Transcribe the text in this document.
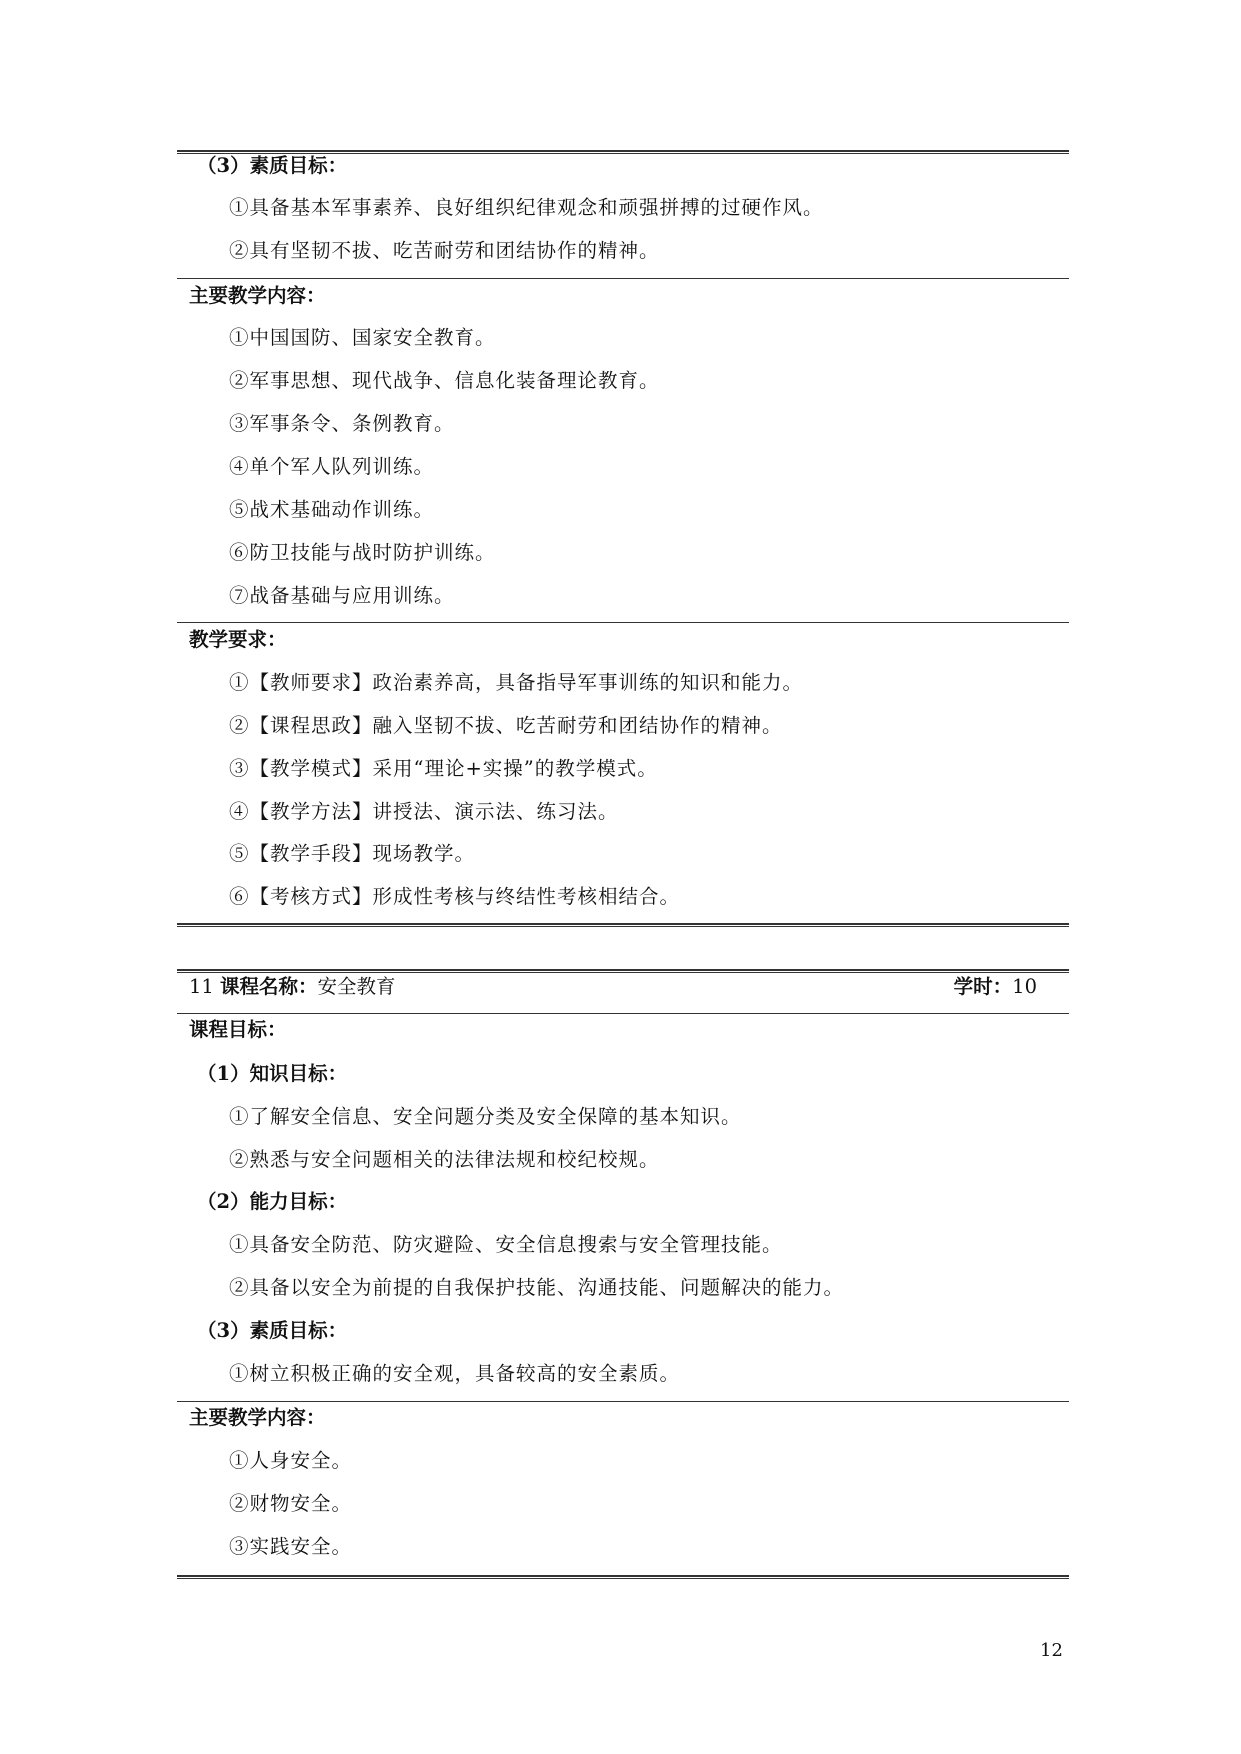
（3）素质目标：
①具备基本军事素养、良好组织纪律观念和顽强拼搏的过硬作风。
②具有坚韧不拔、吃苦耐劳和团结协作的精神。
主要教学内容：
①中国国防、国家安全教育。
②军事思想、现代战争、信息化装备理论教育。
③军事条令、条例教育。
④单个军人队列训练。
⑤战术基础动作训练。
⑥防卫技能与战时防护训练。
⑦战备基础与应用训练。
教学要求：
①【教师要求】政治素养高，具备指导军事训练的知识和能力。
②【课程思政】融入坚韧不拔、吃苦耐劳和团结协作的精神。
③【教学模式】采用“理论+实操”的教学模式。
④【教学方法】讲授法、演示法、练习法。
⑤【教学手段】现场教学。
⑥【考核方式】形成性考核与终结性考核相结合。
11 课程名称：安全教育	学时：10
课程目标：
（1）知识目标：
①了解安全信息、安全问题分类及安全保障的基本知识。
②熟悉与安全问题相关的法律法规和校纪校规。
（2）能力目标：
①具备安全防范、防灾避险、安全信息搜索与安全管理技能。
②具备以安全为前提的自我保护技能、沟通技能、问题解决的能力。
（3）素质目标：
①树立积极正确的安全观，具备较高的安全素质。
主要教学内容：
①人身安全。
②财物安全。
③实践安全。
12
